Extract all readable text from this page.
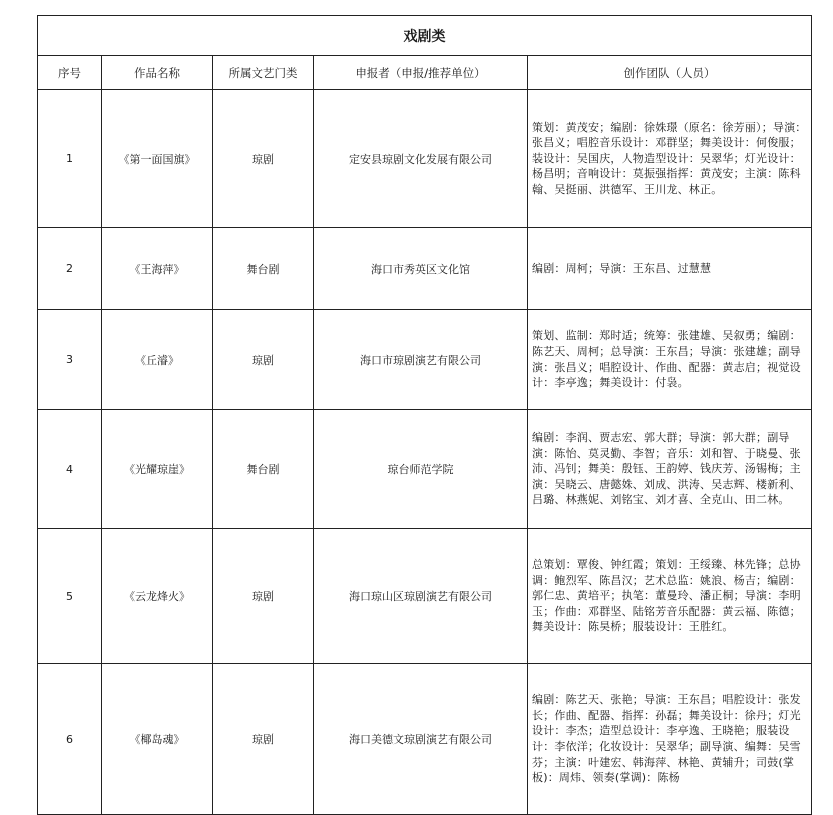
戏剧类				
序号	作品名称	所属文艺门类	申报者（申报/推荐单位）	创作团队（人员）
1	《第一面国旗》	琼剧	定安县琼剧文化发展有限公司	策划：黄茂安；编剧：徐姝璟（原名：徐芳丽）；导演：张昌义；唱腔音乐设计：邓群坚；舞美设计：何俊服；装设计：吴国庆，人物造型设计：吴翠华；灯光设计：杨昌明；音响设计：莫振强指挥：黄茂安；主演：陈科翰、吴挺丽、洪德军、王川龙、林正。
2	《王海萍》	舞台剧	海口市秀英区文化馆	编剧：周柯；导演：王东昌、过慧慧
3	《丘濬》	琼剧	海口市琼剧演艺有限公司	策划、监制：郑时适；统筹：张建雄、吴叙勇；编剧：陈艺天、周柯；总导演：王东昌；导演：张建雄；副导演：张昌义；唱腔设计、作曲、配器：黄志启；视觉设计：李亭逸；舞美设计：付袅。
4	《光耀琼崖》	舞台剧	琼台师范学院	编剧：李润、贾志宏、郭大群；导演：郭大群；副导演：陈怡、莫灵勤、李智；音乐：刘和智、于晓曼、张沛、冯钊；舞美：殷钰、王韵婷、钱庆芳、汤锡梅；主演：吴晓云、唐懿姝、刘成、洪涛、吴志辉、楼新利、吕璐、林燕妮、刘铭宝、刘才喜、全克山、田二林。
5	《云龙烽火》	琼剧	海口琼山区琼剧演艺有限公司	总策划：覃俊、钟红霞；策划：王绥臻、林先锋；总协调：鲍烈军、陈昌汉；艺术总监：姚浪、杨吉；编剧：郭仁忠、黄培平；执笔：董曼玲、潘正桐；导演：李明玉；作曲：邓群坚、陆铭芳音乐配器：黄云福、陈德；舞美设计：陈昊桥；服装设计：王胜红。
6	《椰岛魂》	琼剧	海口美德文琼剧演艺有限公司	编剧：陈艺天、张艳；导演：王东昌；唱腔设计：张发长；作曲、配器、指挥：孙磊；舞美设计：徐丹；灯光设计：李杰；造型总设计：李亭逸、王晓艳；服装设计：李依洋；化妆设计：吴翠华；副导演、编舞：吴雪芬；主演：叶建宏、韩海萍、林艳、黄辅升；司鼓(掌板)：周炜、领奏(掌调)：陈杨
